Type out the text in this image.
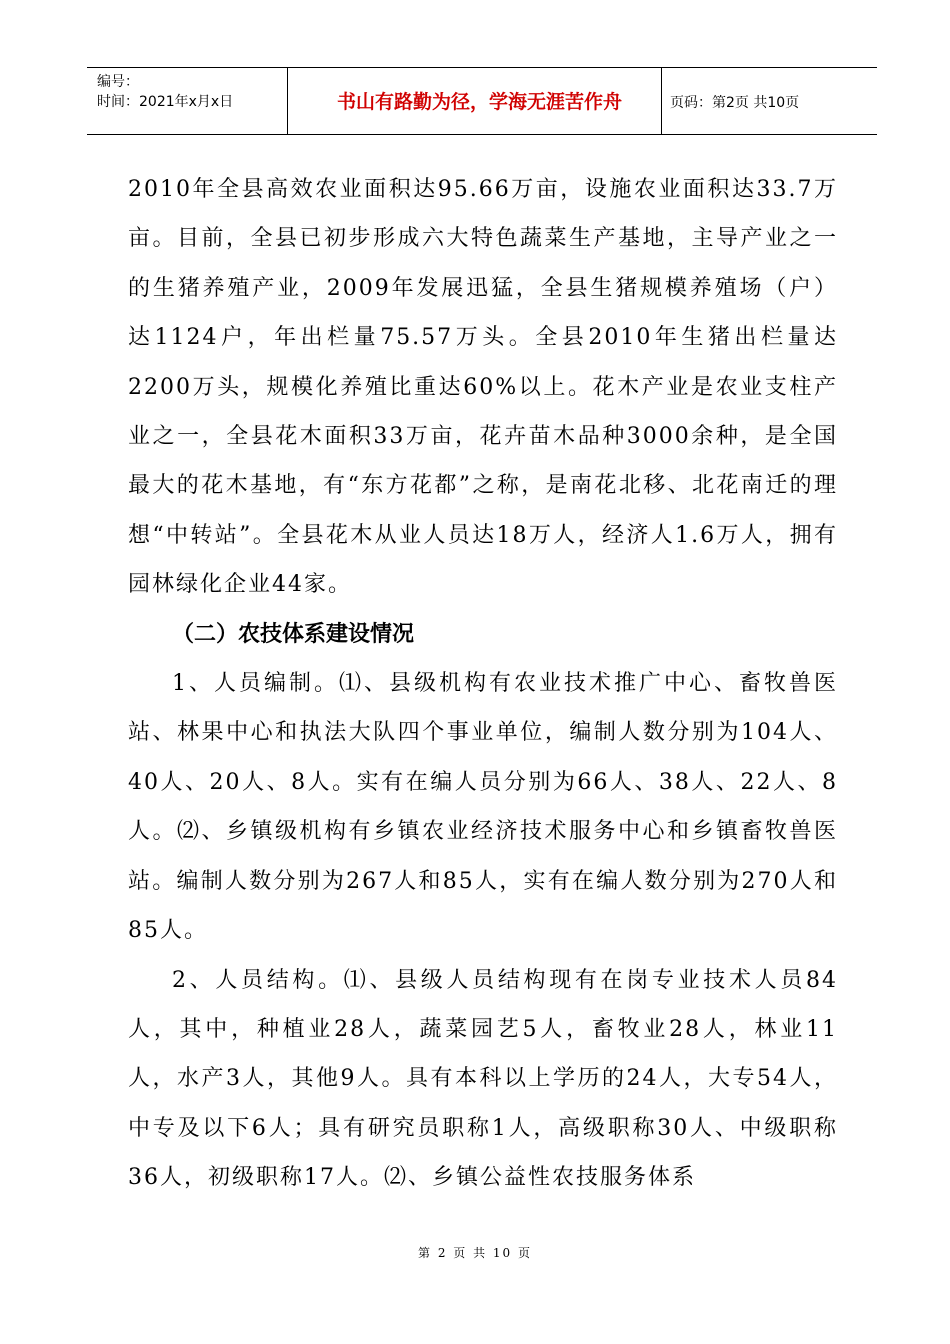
编号：
时间：2021年x月x日	书山有路勤为径，学海无涯苦作舟	页码：第2页 共10页

2010年全县高效农业面积达95.66万亩，设施农业面积达33.7万亩。目前，全县已初步形成六大特色蔬菜生产基地，主导产业之一的生猪养殖产业，2009年发展迅猛，全县生猪规模养殖场（户）达1124户，年出栏量75.57万头。全县2010年生猪出栏量达2200万头，规模化养殖比重达60%以上。花木产业是农业支柱产业之一，全县花木面积33万亩，花卉苗木品种3000余种，是全国最大的花木基地，有“东方花都”之称，是南花北移、北花南迁的理想“中转站”。全县花木从业人员达18万人，经济人1.6万人，拥有园林绿化企业44家。

（二）农技体系建设情况

1、人员编制。⑴、县级机构有农业技术推广中心、畜牧兽医站、林果中心和执法大队四个事业单位，编制人数分别为104人、40人、20人、8人。实有在编人员分别为66人、38人、22人、8人。⑵、乡镇级机构有乡镇农业经济技术服务中心和乡镇畜牧兽医站。编制人数分别为267人和85人，实有在编人数分别为270人和85人。

2、人员结构。⑴、县级人员结构现有在岗专业技术人员84人，其中，种植业28人，蔬菜园艺5人，畜牧业28人，林业11人，水产3人，其他9人。具有本科以上学历的24人，大专54人，中专及以下6人；具有研究员职称1人，高级职称30人、中级职称36人，初级职称17人。⑵、乡镇公益性农技服务体系

第 2 页 共 10 页
